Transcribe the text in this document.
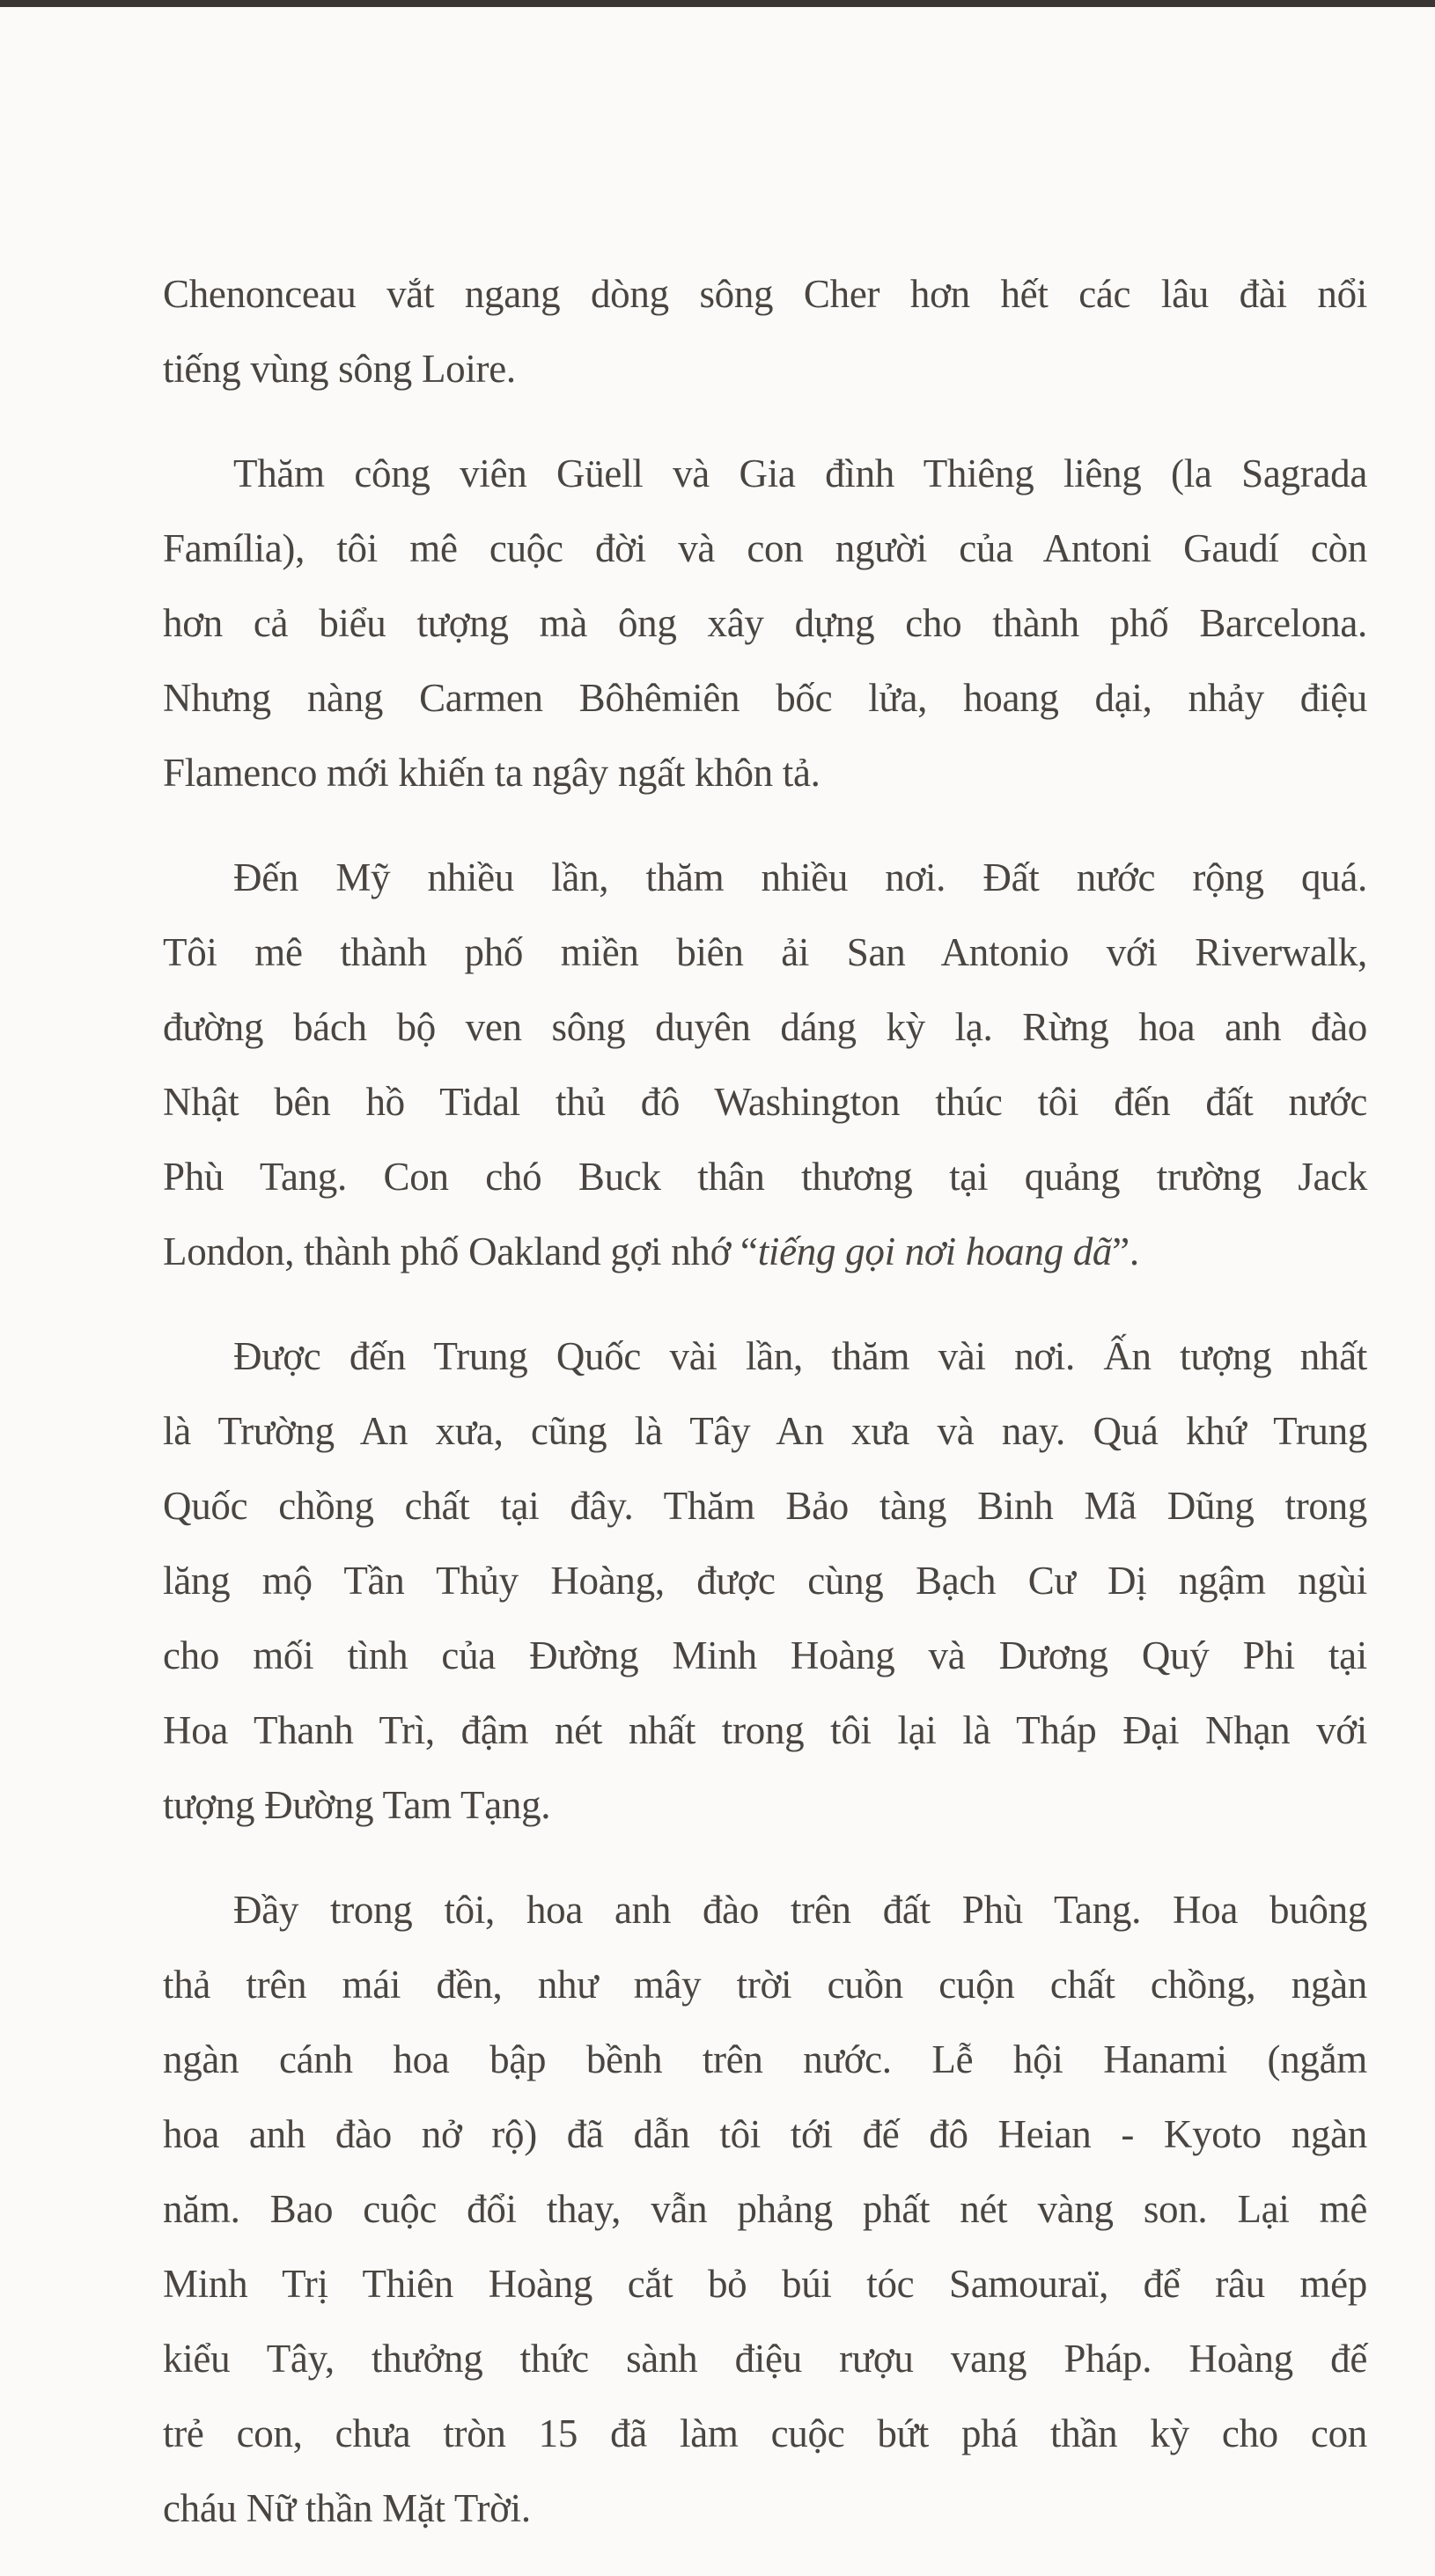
Chenonceau vắt ngang dòng sông Cher hơn hết các lâu đài nổi
tiếng vùng sông Loire.

Thăm công viên Güell và Gia đình Thiêng liêng (la Sagrada
Família), tôi mê cuộc đời và con người của Antoni Gaudí còn
hơn cả biểu tượng mà ông xây dựng cho thành phố Barcelona.
Nhưng nàng Carmen Bôhêmiên bốc lửa, hoang dại, nhảy điệu
Flamenco mới khiến ta ngây ngất khôn tả.

Đến Mỹ nhiều lần, thăm nhiều nơi. Đất nước rộng quá.
Tôi mê thành phố miền biên ải San Antonio với Riverwalk,
đường bách bộ ven sông duyên dáng kỳ lạ. Rừng hoa anh đào
Nhật bên hồ Tidal thủ đô Washington thúc tôi đến đất nước
Phù Tang. Con chó Buck thân thương tại quảng trường Jack
London, thành phố Oakland gợi nhớ “tiếng gọi nơi hoang dã”.

Được đến Trung Quốc vài lần, thăm vài nơi. Ấn tượng nhất
là Trường An xưa, cũng là Tây An xưa và nay. Quá khứ Trung
Quốc chồng chất tại đây. Thăm Bảo tàng Binh Mã Dũng trong
lăng mộ Tần Thủy Hoàng, được cùng Bạch Cư Dị ngậm ngùi
cho mối tình của Đường Minh Hoàng và Dương Quý Phi tại
Hoa Thanh Trì, đậm nét nhất trong tôi lại là Tháp Đại Nhạn với
tượng Đường Tam Tạng.

Đầy trong tôi, hoa anh đào trên đất Phù Tang. Hoa buông
thả trên mái đền, như mây trời cuồn cuộn chất chồng, ngàn
ngàn cánh hoa bập bềnh trên nước. Lễ hội Hanami (ngắm
hoa anh đào nở rộ) đã dẫn tôi tới đế đô Heian - Kyoto ngàn
năm. Bao cuộc đổi thay, vẫn phảng phất nét vàng son. Lại mê
Minh Trị Thiên Hoàng cắt bỏ búi tóc Samouraï, để râu mép
kiểu Tây, thưởng thức sành điệu rượu vang Pháp. Hoàng đế
trẻ con, chưa tròn 15 đã làm cuộc bứt phá thần kỳ cho con
cháu Nữ thần Mặt Trời.
